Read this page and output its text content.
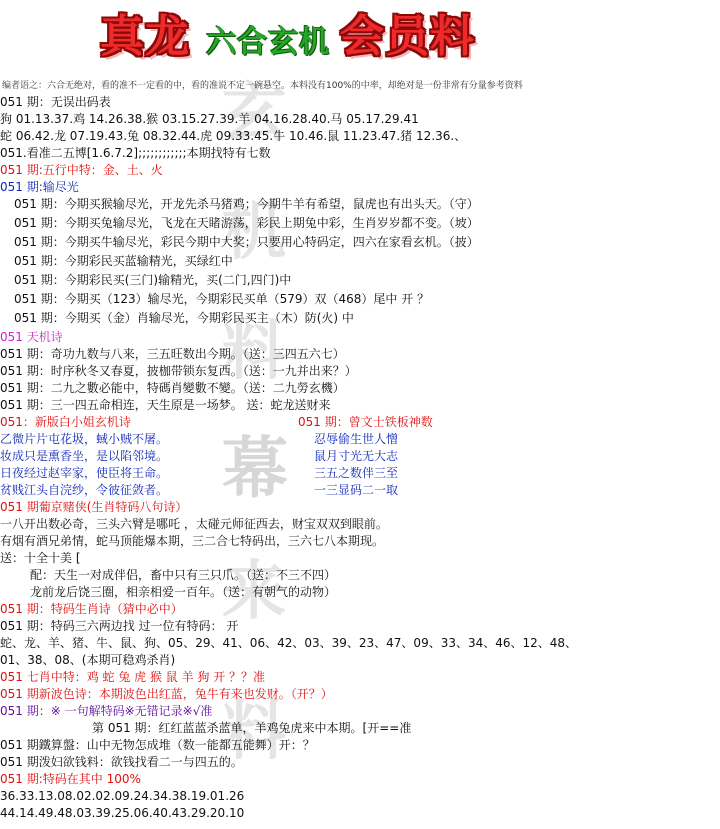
玄
机
料
幕
来
料
真龙 六合玄机 会员料
编者语之：六合无绝对，看的准不一定看的中，看的准说不定一碗悬空。本料没有100%的中率，却绝对是一份非常有分量参考资料
051 期：无误出码表
狗 01.13.37.鸡 14.26.38.猴 03.15.27.39.羊 04.16.28.40.马 05.17.29.41
蛇 06.42.龙 07.19.43.兔 08.32.44.虎 09.33.45.牛 10.46.鼠 11.23.47.猪 12.36.、
051.看准二五博[1.6.7.2];;;;;;;;;;;;本期找特有七数
051 期:五行中特：金、土、火
051 期:输尽光
051 期：今期买猴输尽光，开龙先杀马猪鸡；今期牛羊有希望，鼠虎也有出头天。（守）
051 期：今期买兔输尽光，飞龙在天睹游荡，彩民上期兔中彩，生肖岁岁都不变。（坡）
051 期：今期买牛输尽光，彩民今期中大奖；只要用心特码定，四六在家看玄机。（披）
051 期：今期彩民买蓝输精光，买绿红中
051 期：今期彩民买(三门)输精光，买(二门,四门)中
051 期：今期买（123）输尽光，今期彩民买单（579）双（468）尾中 开 ？
051 期：今期买（金）肖输尽光，今期彩民买主（木）防(火) 中
051 天机诗
051 期：奇功九数与八来，三五旺数出今期。（送：三四五六七）
051 期：时序秋冬又春夏，披枷带锁东复西。（送：一九并出来？）
051 期：二九之數必能中，特碼肖變數不變。（送：二九勞玄機）
051 期：三一四五命相连，天生原是一场梦。 送：蛇龙送财来
051：新版白小姐玄机诗
乙微片片屯花圾，蜮小贼不屠。
妆成只是熏香坐，是以陷邻境。
日夜经过赵宰家，使臣将王命。
贫贱江头自浣纱，令彼征敛者。
051 期：曾文士铁板神数
忍辱偷生世人憎
鼠月寸光无大志
三五之数伴三至
一三显码二一取
051 期葡京赌侠(生肖特码八句诗）
一八开出数必奇，三头六臂是哪吒 ，太碰元师征西去，财宝双双到眼前。
有烟有酒兄弟情，蛇马顶能爆本期，三二合七特码出，三六七八本期现。
送：十全十美 [
配：天生一对成伴侣，畜中只有三只爪。（送：不三不四）
龙前龙后饶三圈，相亲相爱一百年。（送：有朝气的动物）
051 期：特码生肖诗（猜中必中）
051 期：特码三六两边找 过一位有特码： 开
蛇、龙、羊、猪、牛、鼠、狗、05、29、41、06、42、03、39、23、47、09、33、34、46、12、48、
01、38、08、(本期可稳鸡杀肖)
051 七肖中特：鸡 蛇 兔 虎 猴 鼠 羊 狗 开 ？？准
051 期新波色诗：本期波色出红蓝，兔牛有来也发财。（开？）
051 期：※ 一句解特码※无错记录※√准
第 051 期：红红蓝蓝杀蓝单，羊鸡兔虎来中本期。[开==准
051 期鐵算盤：山中无物怎成堆（数一能都五能舞）开：？
051 期泼妇欲钱料：欲钱找看二一与四五的。
051 期:特码在其中 100%
36.33.13.08.02.02.09.24.34.38.19.01.26
44.14.49.48.03.39.25.06.40.43.29.20.10
